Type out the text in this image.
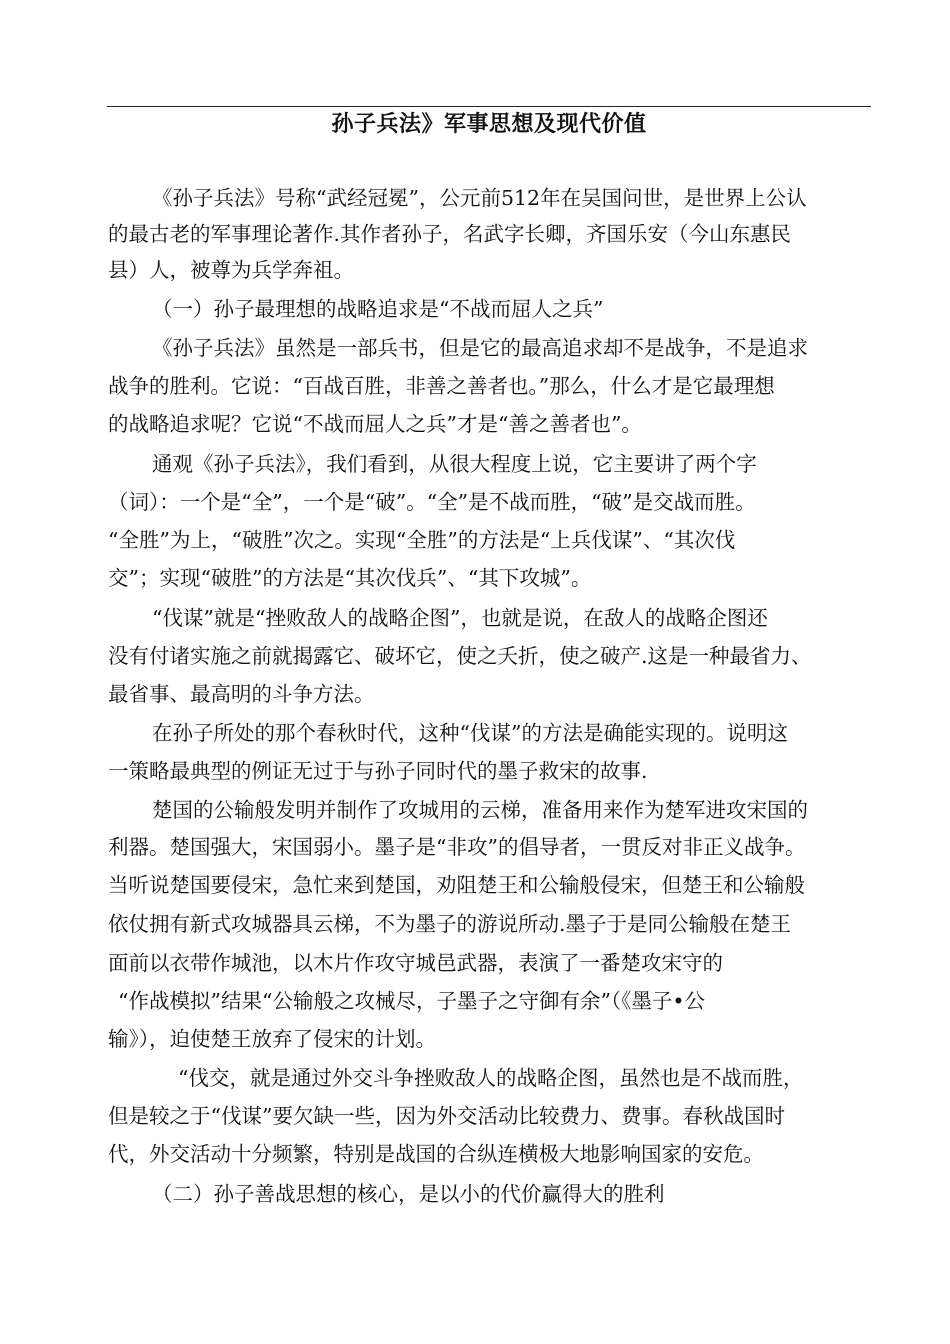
孙子兵法》军事思想及现代价值
《孙子兵法》号称“武经冠冕”，公元前512年在吴国问世，是世界上公认
的最古老的军事理论著作.其作者孙子，名武字长卿，齐国乐安（今山东惠民
县）人，被尊为兵学奔祖。
（一）孙子最理想的战略追求是“不战而屈人之兵”
《孙子兵法》虽然是一部兵书，但是它的最高追求却不是战争，不是追求
战争的胜利。它说：“百战百胜，非善之善者也。”那么，什么才是它最理想
的战略追求呢？它说“不战而屈人之兵”才是“善之善者也”。
通观《孙子兵法》，我们看到，从很大程度上说，它主要讲了两个字
（词）：一个是“全”，一个是“破”。“全”是不战而胜，“破”是交战而胜。
“全胜”为上，“破胜”次之。实现“全胜”的方法是“上兵伐谋”、“其次伐
交”；实现“破胜”的方法是“其次伐兵”、“其下攻城”。
“伐谋”就是“挫败敌人的战略企图”，也就是说，在敌人的战略企图还
没有付诸实施之前就揭露它、破坏它，使之夭折，使之破产.这是一种最省力、
最省事、最高明的斗争方法。
在孙子所处的那个春秋时代，这种“伐谋”的方法是确能实现的。说明这
一策略最典型的例证无过于与孙子同时代的墨子救宋的故事.
楚国的公输般发明并制作了攻城用的云梯，准备用来作为楚军进攻宋国的
利器。楚国强大，宋国弱小。墨子是“非攻”的倡导者，一贯反对非正义战争。
当听说楚国要侵宋，急忙来到楚国，劝阻楚王和公输般侵宋，但楚王和公输般
依仗拥有新式攻城器具云梯，不为墨子的游说所动.墨子于是同公输般在楚王
面前以衣带作城池，以木片作攻守城邑武器，表演了一番楚攻宋守的
“作战模拟”结果“公输般之攻械尽，子墨子之守御有余”（《墨子•公
输》），迫使楚王放弃了侵宋的计划。
“伐交，就是通过外交斗争挫败敌人的战略企图，虽然也是不战而胜，
但是较之于“伐谋”要欠缺一些，因为外交活动比较费力、费事。春秋战国时
代，外交活动十分频繁，特别是战国的合纵连横极大地影响国家的安危。
（二）孙子善战思想的核心，是以小的代价赢得大的胜利
